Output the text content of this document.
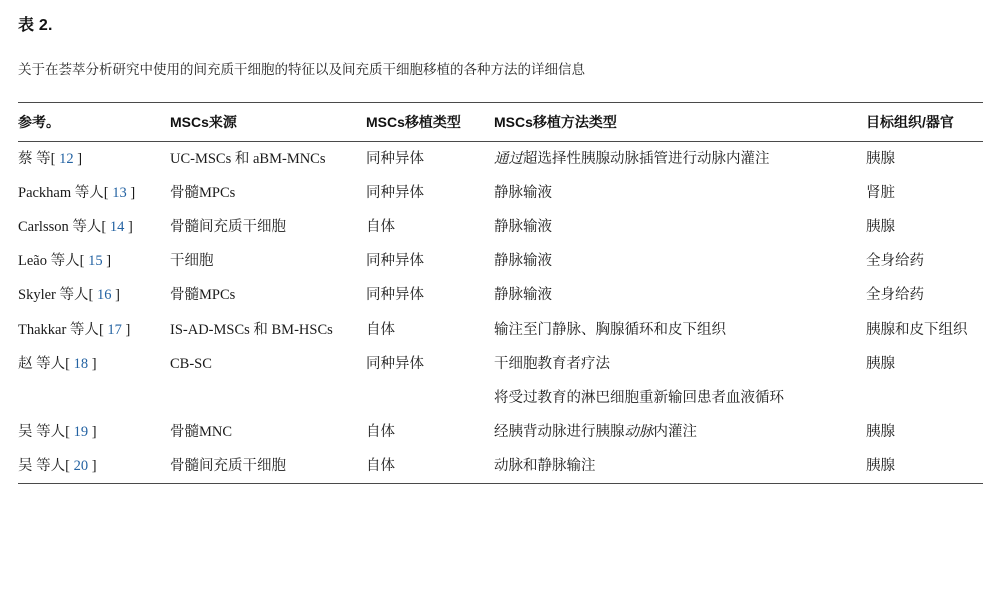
表 2.
关于在荟萃分析研究中使用的间充质干细胞的特征以及间充质干细胞移植的各种方法的详细信息
参考。	MSCs来源	MSCs移植类型	MSCs移植方法类型	目标组织/器官
蔡 等[ 12 ]	UC-MSCs 和 aBM-MNCs	同种异体	通过超选择性胰腺动脉插管进行动脉内灌注	胰腺
Packham 等人[ 13 ]	骨髓MPCs	同种异体	静脉输液	肾脏
Carlsson 等人[ 14 ]	骨髓间充质干细胞	自体	静脉输液	胰腺
Leão 等人[ 15 ]	干细胞	同种异体	静脉输液	全身给药
Skyler 等人[ 16 ]	骨髓MPCs	同种异体	静脉输液	全身给药
Thakkar 等人[ 17 ]	IS-AD-MSCs 和 BM-HSCs	自体	输注至门静脉、胸腺循环和皮下组织	胰腺和皮下组织
赵 等人[ 18 ]	CB-SC	同种异体	干细胞教育者疗法	胰腺
			将受过教育的淋巴细胞重新输回患者血液循环	
吴 等人[ 19 ]	骨髓MNC	自体	经胰背动脉进行胰腺动脉内灌注	胰腺
吴 等人[ 20 ]	骨髓间充质干细胞	自体	动脉和静脉输注	胰腺
